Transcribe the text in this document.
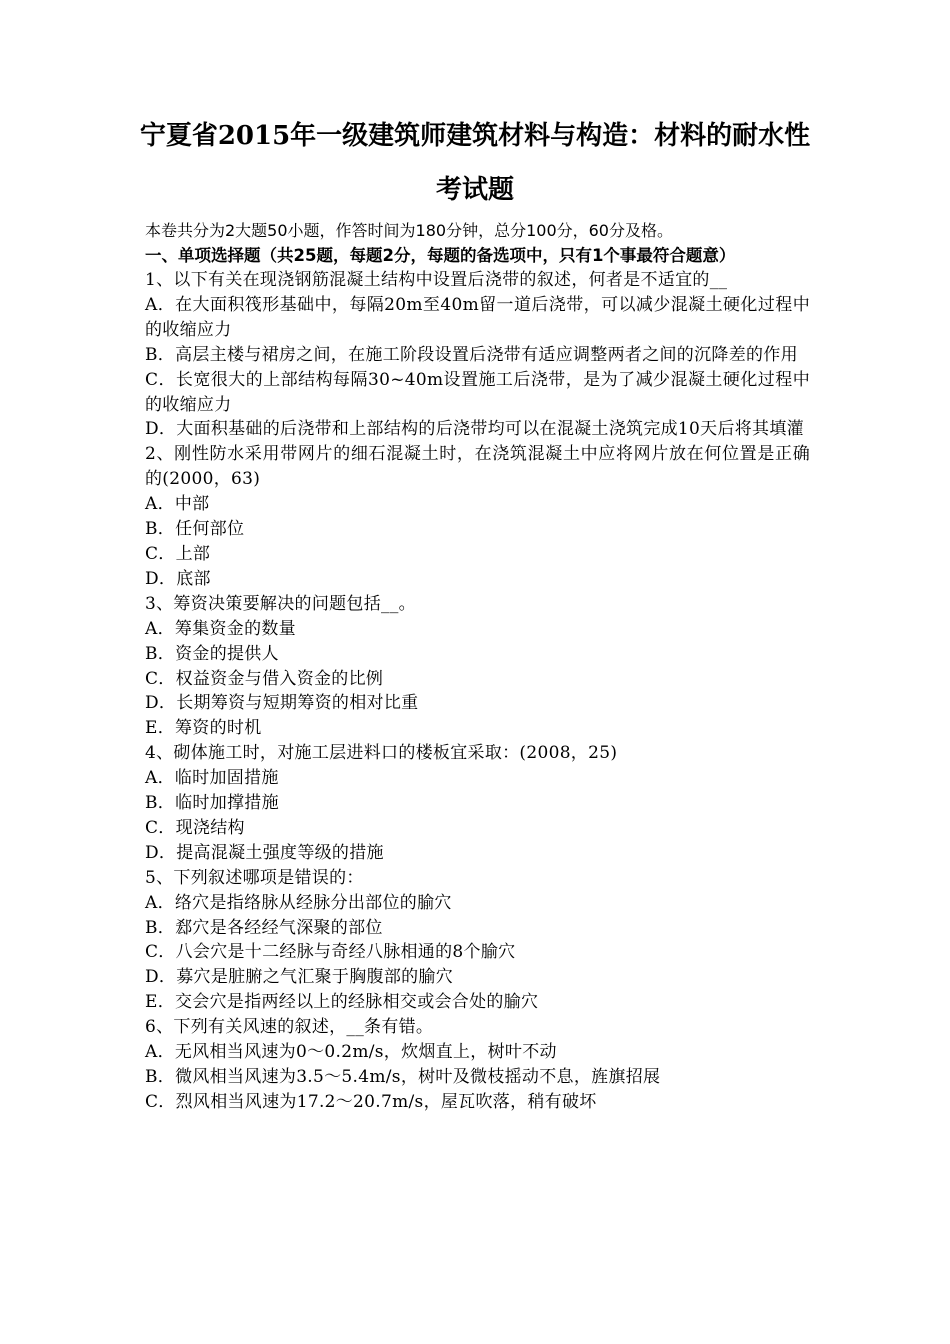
宁夏省2015年一级建筑师建筑材料与构造：材料的耐水性
考试题
本卷共分为2大题50小题，作答时间为180分钟，总分100分，60分及格。
一、单项选择题（共25题，每题2分，每题的备选项中，只有1个事最符合题意）
1、以下有关在现浇钢筋混凝土结构中设置后浇带的叙述，何者是不适宜的__
A．在大面积筏形基础中，每隔20m至40m留一道后浇带，可以减少混凝土硬化过程中的收缩应力
B．高层主楼与裙房之间，在施工阶段设置后浇带有适应调整两者之间的沉降差的作用
C．长宽很大的上部结构每隔30~40m设置施工后浇带，是为了减少混凝土硬化过程中的收缩应力
D．大面积基础的后浇带和上部结构的后浇带均可以在混凝土浇筑完成10天后将其填灌
2、刚性防水采用带网片的细石混凝土时，在浇筑混凝土中应将网片放在何位置是正确的(2000，63)
A．中部
B．任何部位
C．上部
D．底部
3、筹资决策要解决的问题包括__。
A．筹集资金的数量
B．资金的提供人
C．权益资金与借入资金的比例
D．长期筹资与短期筹资的相对比重
E．筹资的时机
4、砌体施工时，对施工层进料口的楼板宜采取：(2008，25)
A．临时加固措施
B．临时加撑措施
C．现浇结构
D．提高混凝土强度等级的措施
5、下列叙述哪项是错误的：
A．络穴是指络脉从经脉分出部位的腧穴
B．郄穴是各经经气深聚的部位
C．八会穴是十二经脉与奇经八脉相通的8个腧穴
D．募穴是脏腑之气汇聚于胸腹部的腧穴
E．交会穴是指两经以上的经脉相交或会合处的腧穴
6、下列有关风速的叙述，__条有错。
A．无风相当风速为0～0.2m/s，炊烟直上，树叶不动
B．微风相当风速为3.5～5.4m/s，树叶及微枝摇动不息，旌旗招展
C．烈风相当风速为17.2～20.7m/s，屋瓦吹落，稍有破坏
